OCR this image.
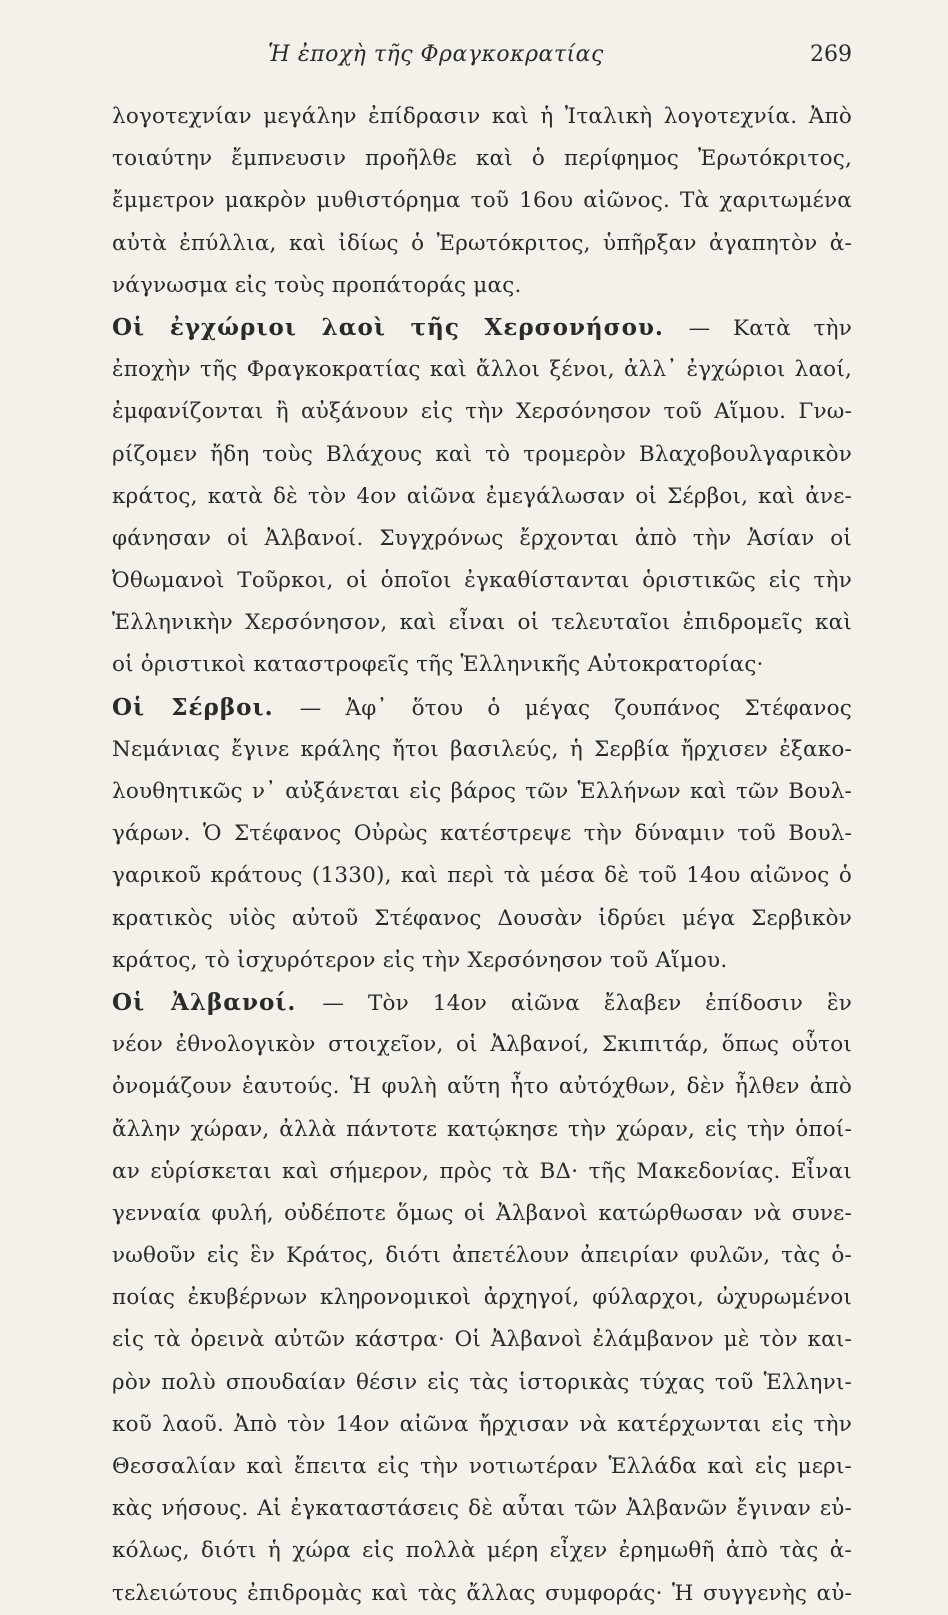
Ἡ ἐποχὴ τῆς Φραγκοκρατίας	269
λογοτεχνίαν μεγάλην ἐπίδρασιν καὶ ἡ Ἰταλικὴ λογοτεχνία. Ἀπὸ
τοιαύτην ἔμπνευσιν προῆλθε καὶ ὁ περίφημος Ἐρωτόκριτος,
ἔμμετρον μακρὸν μυθιστόρημα τοῦ 16ου αἰῶνος. Τὰ χαριτωμένα
αὐτὰ ἐπύλλια, καὶ ἰδίως ὁ Ἐρωτόκριτος, ὑπῆρξαν ἀγαπητὸν ἀ-
νάγνωσμα εἰς τοὺς προπάτοράς μας.
Οἱ ἐγχώριοι λαοὶ τῆς Χερσονήσου. — Κατὰ τὴν
ἐποχὴν τῆς Φραγκοκρατίας καὶ ἄλλοι ξένοι, ἀλλ᾽ ἐγχώριοι λαοί,
ἐμφανίζονται ἢ αὐξάνουν εἰς τὴν Χερσόνησον τοῦ Αἵμου. Γνω-
ρίζομεν ἤδη τοὺς Βλάχους καὶ τὸ τρομερὸν Βλαχοβουλγαρικὸν
κράτος, κατὰ δὲ τὸν 4ον αἰῶνα ἐμεγάλωσαν οἱ Σέρβοι, καὶ ἀνε-
φάνησαν οἱ Ἀλβανοί. Συγχρόνως ἔρχονται ἀπὸ τὴν Ἀσίαν οἱ
Ὀθωμανοὶ Τοῦρκοι, οἱ ὁποῖοι ἐγκαθίστανται ὁριστικῶς εἰς τὴν
Ἑλληνικὴν Χερσόνησον, καὶ εἶναι οἱ τελευταῖοι ἐπιδρομεῖς καὶ
οἱ ὁριστικοὶ καταστροφεῖς τῆς Ἑλληνικῆς Αὐτοκρατορίας·
Οἱ Σέρβοι. — Ἀφ᾽ ὅτου ὁ μέγας ζουπάνος Στέφανος
Νεμάνιας ἔγινε κράλης ἤτοι βασιλεύς, ἡ Σερβία ἤρχισεν ἐξακο-
λουθητικῶς ν᾽ αὐξάνεται εἰς βάρος τῶν Ἑλλήνων καὶ τῶν Βουλ-
γάρων. Ὁ Στέφανος Οὐρὼς κατέστρεψε τὴν δύναμιν τοῦ Βουλ-
γαρικοῦ κράτους (1330), καὶ περὶ τὰ μέσα δὲ τοῦ 14ου αἰῶνος ὁ
κρατικὸς υἱὸς αὐτοῦ Στέφανος Δουσὰν ἱδρύει μέγα Σερβικὸν
κράτος, τὸ ἰσχυρότερον εἰς τὴν Χερσόνησον τοῦ Αἵμου.
Οἱ Ἀλβανοί. — Τὸν 14ον αἰῶνα ἔλαβεν ἐπίδοσιν ἓν
νέον ἐθνολογικὸν στοιχεῖον, οἱ Ἀλβανοί, Σκιπιτάρ, ὅπως οὗτοι
ὀνομάζουν ἑαυτούς. Ἡ φυλὴ αὕτη ἦτο αὐτόχθων, δὲν ἦλθεν ἀπὸ
ἄλλην χώραν, ἀλλὰ πάντοτε κατῴκησε τὴν χώραν, εἰς τὴν ὁποί-
αν εὑρίσκεται καὶ σήμερον, πρὸς τὰ ΒΔ· τῆς Μακεδονίας. Εἶναι
γενναία φυλή, οὐδέποτε ὅμως οἱ Ἀλβανοὶ κατώρθωσαν νὰ συνε-
νωθοῦν εἰς ἓν Κράτος, διότι ἀπετέλουν ἀπειρίαν φυλῶν, τὰς ὁ-
ποίας ἐκυβέρνων κληρονομικοὶ ἀρχηγοί, φύλαρχοι, ὠχυρωμένοι
εἰς τὰ ὀρεινὰ αὐτῶν κάστρα· Οἱ Ἀλβανοὶ ἐλάμβανον μὲ τὸν και-
ρὸν πολὺ σπουδαίαν θέσιν εἰς τὰς ἱστορικὰς τύχας τοῦ Ἑλληνι-
κοῦ λαοῦ. Ἀπὸ τὸν 14ον αἰῶνα ἤρχισαν νὰ κατέρχωνται εἰς τὴν
Θεσσαλίαν καὶ ἔπειτα εἰς τὴν νοτιωτέραν Ἑλλάδα καὶ εἰς μερι-
κὰς νήσους. Αἱ ἐγκαταστάσεις δὲ αὗται τῶν Ἀλβανῶν ἔγιναν εὐ-
κόλως, διότι ἡ χώρα εἰς πολλὰ μέρη εἶχεν ἐρημωθῆ ἀπὸ τὰς ἀ-
τελειώτους ἐπιδρομὰς καὶ τὰς ἄλλας συμφοράς· Ἡ συγγενὴς αὐ-
